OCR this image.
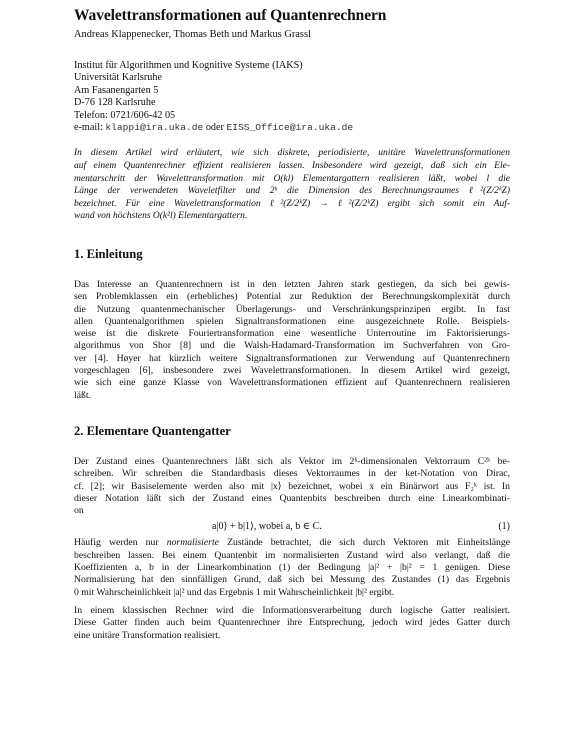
Wavelettransformationen auf Quantenrechnern
Andreas Klappenecker, Thomas Beth und Markus Grassl
Institut für Algorithmen und Kognitive Systeme (IAKS)
Universität Karlsruhe
Am Fasanengarten 5
D-76 128 Karlsruhe
Telefon: 0721/606-42 05
e-mail: klappi@ira.uka.de oder EISS_Office@ira.uka.de
In diesem Artikel wird erläutert, wie sich diskrete, periodisierte, unitäre Wavelettransformationen
auf einem Quantenrechner effizient realisieren lassen. Insbesondere wird gezeigt, daß sich ein Ele-
mentarschritt der Wavelettransformation mit O(kl) Elementargattern realisieren läßt, wobei l die
Länge der verwendeten Waveletfilter und 2ᵏ die Dimension des Berechnungsraumes ℓ²(Z/2ᵏZ)
bezeichnet. Für eine Wavelettransformation ℓ²(Z/2ᵏZ) → ℓ²(Z/2ᵏZ) ergibt sich somit ein Auf-
wand von höchstens O(k²l) Elementargattern.
1. Einleitung
Das Interesse an Quantenrechnern ist in den letzten Jahren stark gestiegen, da sich bei gewis-
sen Problemklassen ein (erhebliches) Potential zur Reduktion der Berechnungskomplexität durch
die Nutzung quantenmechanischer Überlagerungs- und Verschränkungsprinzipen ergibt. In fast
allen Quantenalgorithmen spielen Signaltransformationen eine ausgezeichnete Rolle. Beispiels-
weise ist die diskrete Fouriertransformation eine wesentliche Unterroutine im Faktorisierungs-
algorithmus von Shor [8] und die Walsh-Hadamard-Transformation im Suchverfahren von Gro-
ver [4]. Høyer hat kürzlich weitere Signaltransformationen zur Verwendung auf Quantenrechnern
vorgeschlagen [6], insbesondere zwei Wavelettransformationen. In diesem Artikel wird gezeigt,
wie sich eine ganze Klasse von Wavelettransformationen effizient auf Quantenrechnern realisieren
läßt.
2. Elementare Quantengatter
Der Zustand eines Quantenrechners läßt sich als Vektor im 2ᵏ-dimensionalen Vektorraum C²ᵏ be-
schreiben. Wir schreiben die Standardbasis dieses Vektorraumes in der ket-Notation von Dirac,
cf. [2]; wir Basiselemente werden also mit |x⟩ bezeichnet, wobei x ein Binärwort aus F₂ᵏ ist. In
dieser Notation läßt sich der Zustand eines Quantenbits beschreiben durch eine Linearkombinati-
on
a|0⟩ + b|1⟩, wobei a, b ∈ C.	(1)
Häufig werden nur normalisierte Zustände betrachtet, die sich durch Vektoren mit Einheitslänge
beschreiben lassen. Bei einem Quantenbit im normalisierten Zustand wird also verlangt, daß die
Koeffizienten a, b in der Linearkombination (1) der Bedingung |a|² + |b|² = 1 genügen. Diese
Normalisierung hat den sinnfälligen Grund, daß sich bei Messung des Zustandes (1) das Ergebnis
0 mit Wahrscheinlichkeit |a|² und das Ergebnis 1 mit Wahrscheinlichkeit |b|² ergibt.
In einem klassischen Rechner wird die Informationsverarbeitung durch logische Gatter realisiert.
Diese Gatter finden auch beim Quantenrechner ihre Entsprechung, jedoch wird jedes Gatter durch
eine unitäre Transformation realisiert.
